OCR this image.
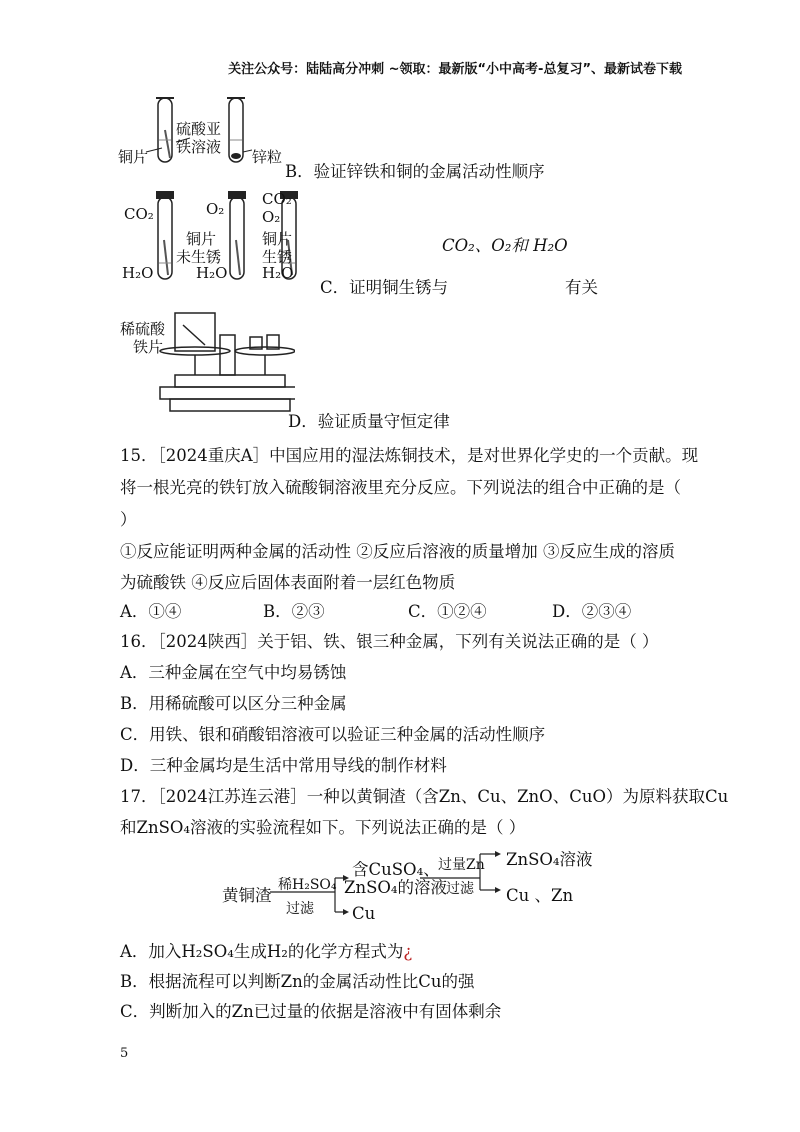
关注公众号：陆陆高分冲刺 ~领取：最新版“小中高考-总复习”、最新试卷下载
硫酸亚
铁溶液
铜片	锌粒
B．验证锌铁和铜的金属活动性顺序
CO₂	O₂
CO₂
O₂
铜片
未生锈
铜片
生锈
H₂O	H₂O H₂O
CO₂、O₂和 H₂O
C．证明铜生锈与	有关
稀硫酸
铁片
D．验证质量守恒定律
15．［2024重庆A］中国应用的湿法炼铜技术，是对世界化学史的一个贡献。现
将一根光亮的铁钉放入硫酸铜溶液里充分反应。下列说法的组合中正确的是（
）
①反应能证明两种金属的活动性 ②反应后溶液的质量增加 ③反应生成的溶质
为硫酸铁 ④反应后固体表面附着一层红色物质
A．①④	B．②③	C．①②④	D．②③④
16．［2024陕西］关于铝、铁、银三种金属，下列有关说法正确的是（ ）
A．三种金属在空气中均易锈蚀
B．用稀硫酸可以区分三种金属
C．用铁、银和硝酸铝溶液可以验证三种金属的活动性顺序
D．三种金属均是生活中常用导线的制作材料
17．［2024江苏连云港］一种以黄铜渣（含Zn、Cu、ZnO、CuO）为原料获取Cu
和ZnSO₄溶液的实验流程如下。下列说法正确的是（ ）
黄铜渣
稀H₂SO₄
过滤
含CuSO₄、
ZnSO₄的溶液
Cu
过量Zn
过滤
ZnSO₄溶液
Cu 、Zn
A．加入H₂SO₄生成H₂的化学方程式为¿
B．根据流程可以判断Zn的金属活动性比Cu的强
C．判断加入的Zn已过量的依据是溶液中有固体剩余
5
